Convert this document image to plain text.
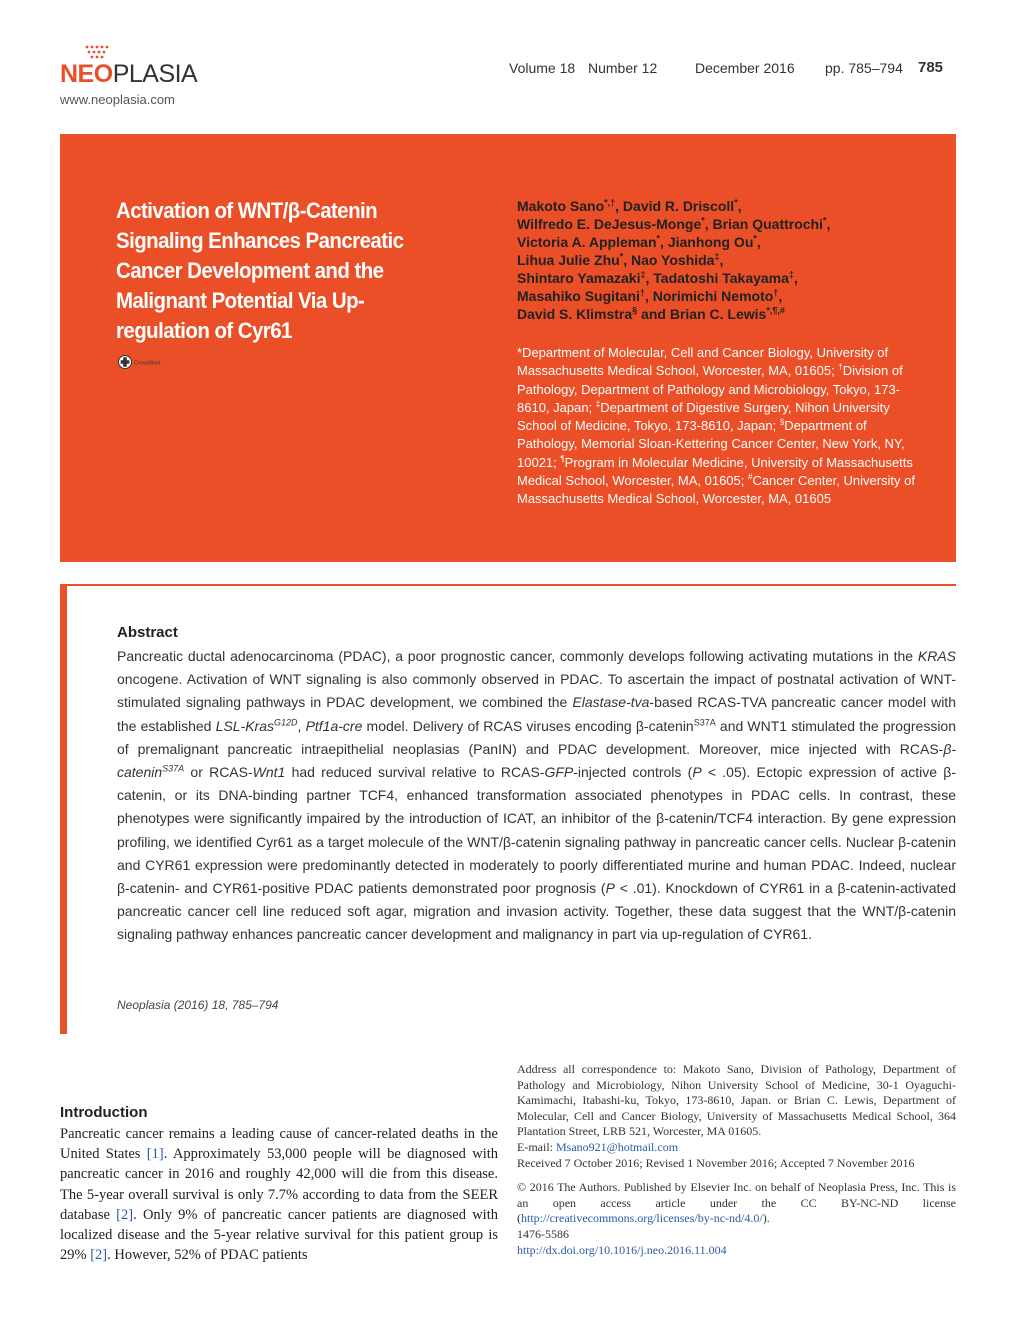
NEOPLASIA
www.neoplasia.com
Volume 18 Number 12	December 2016 pp. 785–794 785
Activation of WNT/β-Catenin Signaling Enhances Pancreatic Cancer Development and the Malignant Potential Via Up-regulation of Cyr61
CrossMark
Makoto Sano*,†, David R. Driscoll*,
Wilfredo E. DeJesus-Monge*, Brian Quattrochi*,
Victoria A. Appleman*, Jianhong Ou*,
Lihua Julie Zhu*, Nao Yoshida‡,
Shintaro Yamazaki‡, Tadatoshi Takayama‡,
Masahiko Sugitani†, Norimichi Nemoto†,
David S. Klimstra§ and Brian C. Lewis*,¶,#
*Department of Molecular, Cell and Cancer Biology, University of Massachusetts Medical School, Worcester, MA, 01605; †Division of Pathology, Department of Pathology and Microbiology, Tokyo, 173-8610, Japan; ‡Department of Digestive Surgery, Nihon University School of Medicine, Tokyo, 173-8610, Japan; §Department of Pathology, Memorial Sloan-Kettering Cancer Center, New York, NY, 10021; ¶Program in Molecular Medicine, University of Massachusetts Medical School, Worcester, MA, 01605; #Cancer Center, University of Massachusetts Medical School, Worcester, MA, 01605
Abstract
Pancreatic ductal adenocarcinoma (PDAC), a poor prognostic cancer, commonly develops following activating mutations in the KRAS oncogene. Activation of WNT signaling is also commonly observed in PDAC. To ascertain the impact of postnatal activation of WNT-stimulated signaling pathways in PDAC development, we combined the Elastase-tva-based RCAS-TVA pancreatic cancer model with the established LSL-Kras$^{G12D}$, Ptf1a-cre model. Delivery of RCAS viruses encoding β-catenin$^{S37A}$ and WNT1 stimulated the progression of premalignant pancreatic intraepithelial neoplasias (PanIN) and PDAC development. Moreover, mice injected with RCAS-β-catenin$^{S37A}$ or RCAS-Wnt1 had reduced survival relative to RCAS-GFP-injected controls (P < .05). Ectopic expression of active β-catenin, or its DNA-binding partner TCF4, enhanced transformation associated phenotypes in PDAC cells. In contrast, these phenotypes were significantly impaired by the introduction of ICAT, an inhibitor of the β-catenin/TCF4 interaction. By gene expression profiling, we identified Cyr61 as a target molecule of the WNT/β-catenin signaling pathway in pancreatic cancer cells. Nuclear β-catenin and CYR61 expression were predominantly detected in moderately to poorly differentiated murine and human PDAC. Indeed, nuclear β-catenin- and CYR61-positive PDAC patients demonstrated poor prognosis (P < .01). Knockdown of CYR61 in a β-catenin-activated pancreatic cancer cell line reduced soft agar, migration and invasion activity. Together, these data suggest that the WNT/β-catenin signaling pathway enhances pancreatic cancer development and malignancy in part via up-regulation of CYR61.
Neoplasia (2016) 18, 785–794
Introduction
Pancreatic cancer remains a leading cause of cancer-related deaths in the United States [1]. Approximately 53,000 people will be diagnosed with pancreatic cancer in 2016 and roughly 42,000 will die from this disease. The 5-year overall survival is only 7.7% according to data from the SEER database [2]. Only 9% of pancreatic cancer patients are diagnosed with localized disease and the 5-year relative survival for this patient group is 29% [2]. However, 52% of PDAC patients
Address all correspondence to: Makoto Sano, Division of Pathology, Department of Pathology and Microbiology, Nihon University School of Medicine, 30-1 Oyaguchi-Kamimachi, Itabashi-ku, Tokyo, 173-8610, Japan. or Brian C. Lewis, Department of Molecular, Cell and Cancer Biology, University of Massachusetts Medical School, 364 Plantation Street, LRB 521, Worcester, MA 01605.
E-mail: Msano921@hotmail.com
Received 7 October 2016; Revised 1 November 2016; Accepted 7 November 2016
© 2016 The Authors. Published by Elsevier Inc. on behalf of Neoplasia Press, Inc. This is an open access article under the CC BY-NC-ND license (http://creativecommons.org/licenses/by-nc-nd/4.0/).
1476-5586
http://dx.doi.org/10.1016/j.neo.2016.11.004
